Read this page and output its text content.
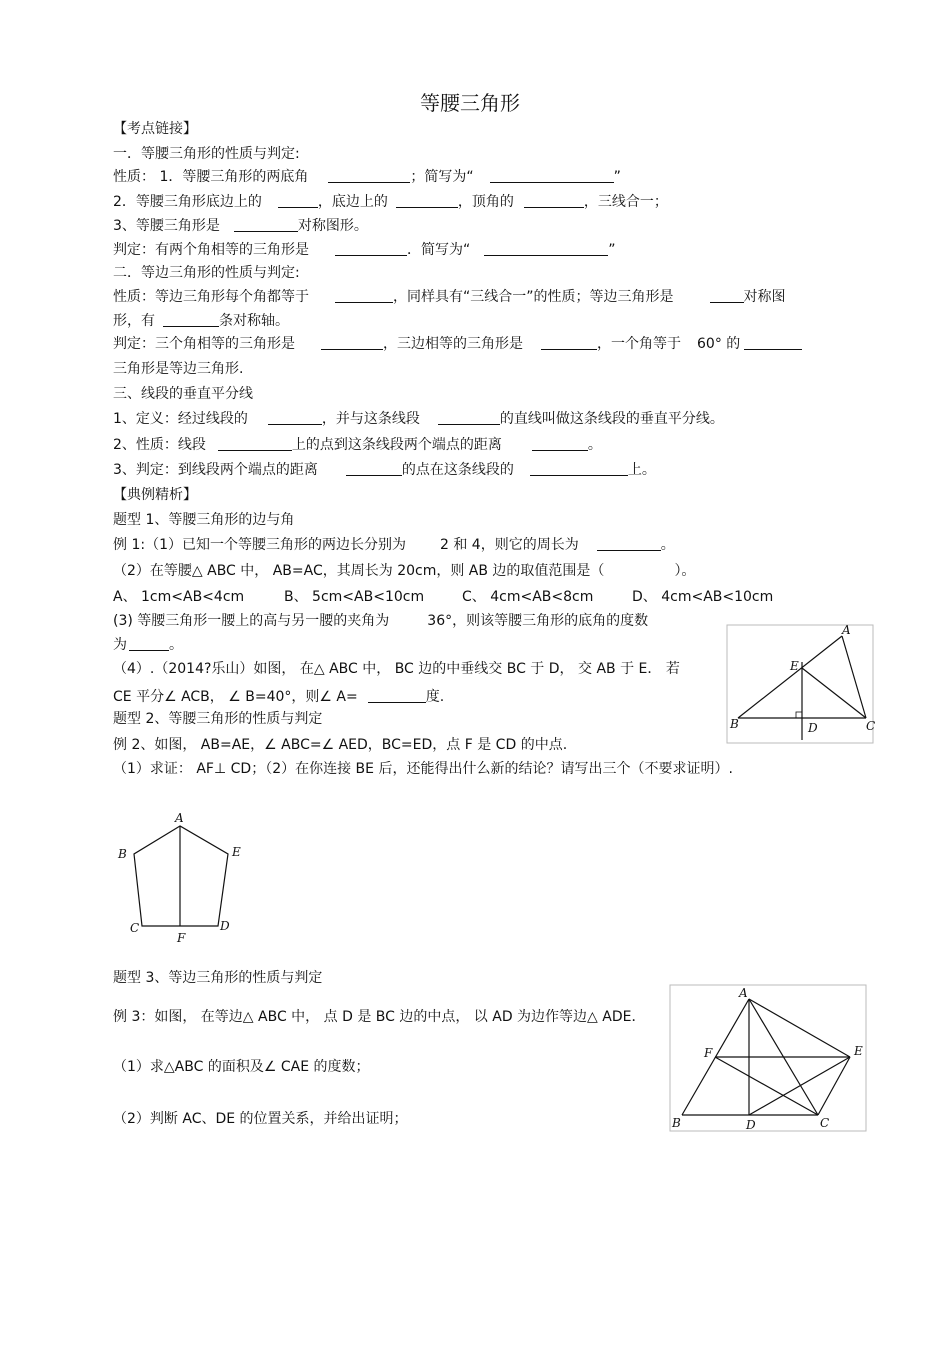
等腰三角形
【考点链接】
一．等腰三角形的性质与判定:
性质： 1．等腰三角形的两底角	；简写为“	”
2．等腰三角形底边上的	，底边上的	，顶角的	，三线合一；
3、等腰三角形是	对称图形。
判定：有两个角相等的三角形是	．简写为“	”
二．等边三角形的性质与判定:
性质：等边三角形每个角都等于	，同样具有“三线合一”的性质；等边三角形是	对称图
形，有	条对称轴。
判定：三个角相等的三角形是	，三边相等的三角形是	，一个角等于 60° 的
三角形是等边三角形.
三、线段的垂直平分线
1、定义：经过线段的	，并与这条线段	的直线叫做这条线段的垂直平分线。
2、性质：线段	上的点到这条线段两个端点的距离	。
3、判定：到线段两个端点的距离	的点在这条线段的	上。
【典例精析】
题型 1、等腰三角形的边与角
例 1:（1）已知一个等腰三角形的两边长分别为 2 和 4，则它的周长为	。
（2）在等腰△ ABC 中， AB=AC，其周长为 20cm，则 AB 边的取值范围是（	）。
A、 1cm<AB<4cm	B、 5cm<AB<10cm	C、 4cm<AB<8cm	D、 4cm<AB<10cm
(3) 等腰三角形一腰上的高与另一腰的夹角为	36°，则该等腰三角形的底角的度数
为	。
（4）.（2014?乐山）如图， 在△ ABC 中， BC 边的中垂线交 BC 于 D， 交 AB 于 E． 若
CE 平分∠ ACB， ∠ B=40°，则∠ A=	度.
题型 2、等腰三角形的性质与判定
例 2、如图， AB=AE，∠ ABC=∠ AED，BC=ED，点 F 是 CD 的中点.
（1）求证： AF⊥ CD；（2）在你连接 BE 后，还能得出什么新的结论？请写出三个（不要求证明）.
题型 3、等边三角形的性质与判定
例 3：如图， 在等边△ ABC 中， 点 D 是 BC 边的中点， 以 AD 为边作等边△ ADE．
（1）求△ABC 的面积及∠ CAE 的度数；
（2）判断 AC、DE 的位置关系，并给出证明；
A
E
B	D	C
A
B	E
C
F
D
A
F	E
B	D	C
